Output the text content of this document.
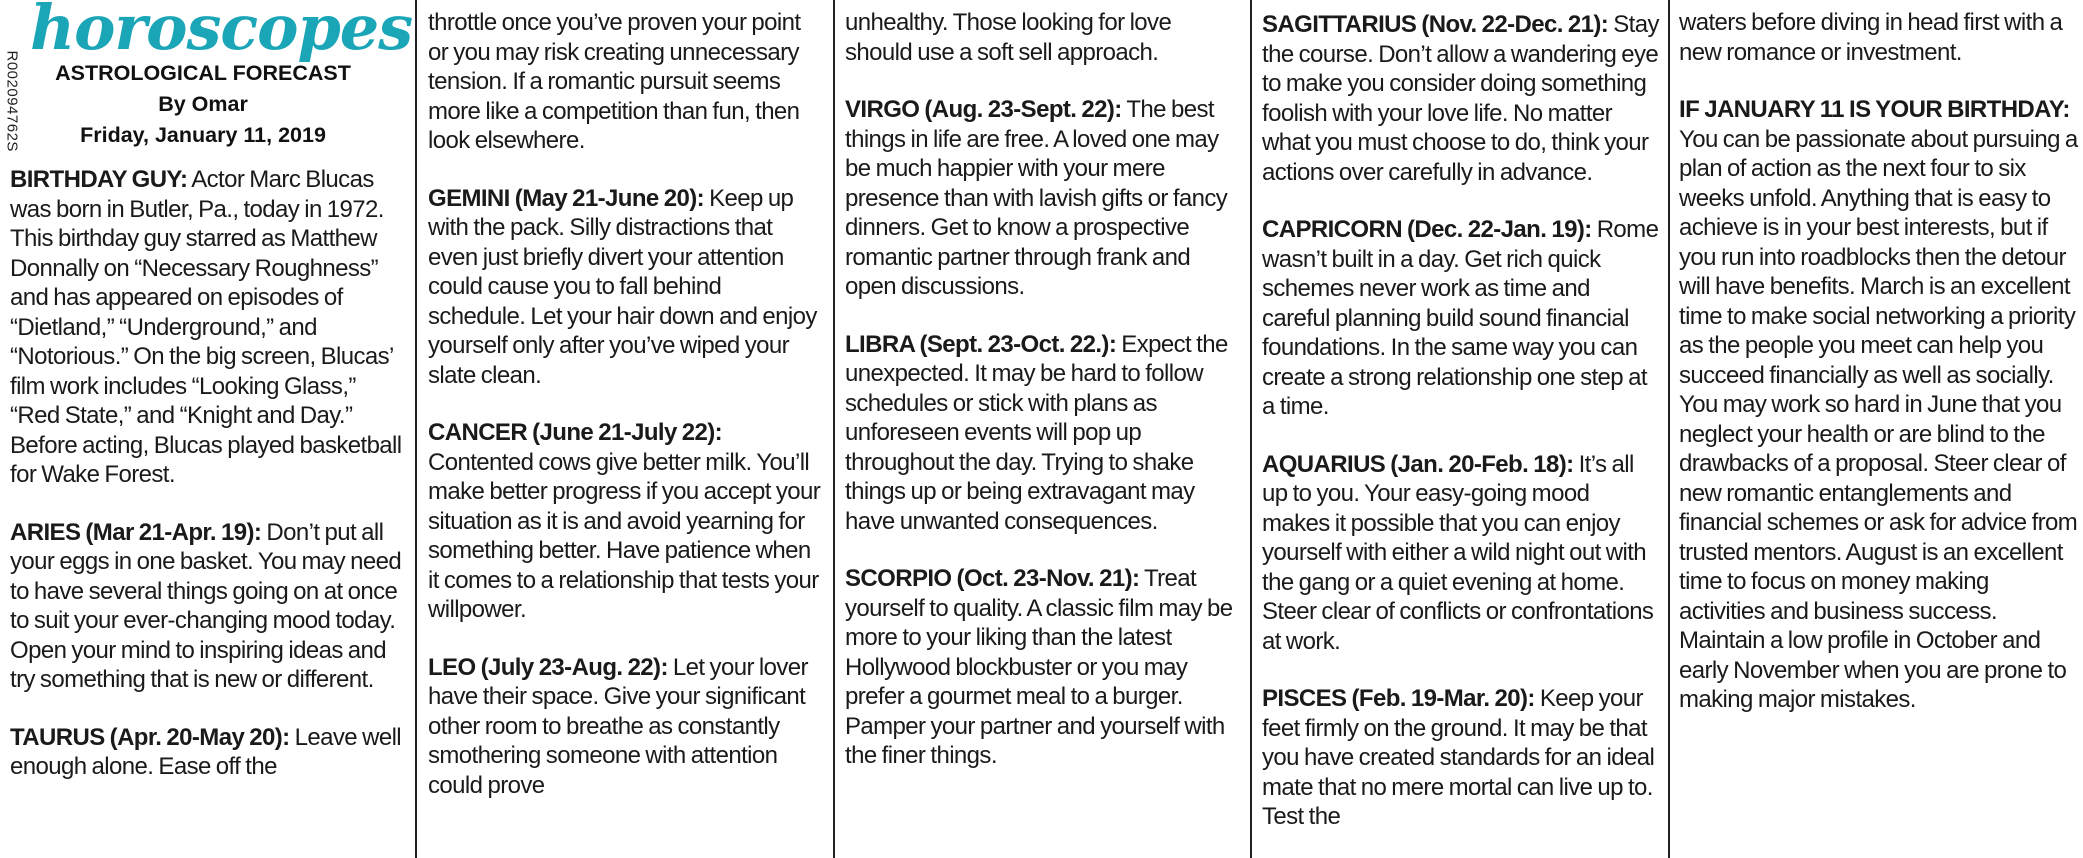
R002094762S
horoscopes
ASTROLOGICAL FORECAST
By Omar
Friday, January 11, 2019

BIRTHDAY GUY: Actor Marc Blucas was born in Butler, Pa., today in 1972. This birthday guy starred as Matthew Donnally on “Necessary Roughness” and has appeared on episodes of “Dietland,” “Underground,” and “Notorious.” On the big screen, Blucas’ film work includes “Looking Glass,” “Red State,” and “Knight and Day.” Before acting, Blucas played basketball for Wake Forest.

ARIES (Mar 21-Apr. 19): Don’t put all your eggs in one basket. You may need to have several things going on at once to suit your ever-changing mood today. Open your mind to inspiring ideas and try something that is new or different.

TAURUS (Apr. 20-May 20): Leave well enough alone. Ease off the

throttle once you’ve proven your point or you may risk creating unnecessary tension. If a romantic pursuit seems more like a competition than fun, then look elsewhere.

GEMINI (May 21-June 20): Keep up with the pack. Silly distractions that even just briefly divert your attention could cause you to fall behind schedule. Let your hair down and enjoy yourself only after you’ve wiped your slate clean.

CANCER (June 21-July 22): Contented cows give better milk. You’ll make better progress if you accept your situation as it is and avoid yearning for something better. Have patience when it comes to a relationship that tests your willpower.

LEO (July 23-Aug. 22): Let your lover have their space. Give your significant other room to breathe as constantly smothering someone with attention could prove

unhealthy. Those looking for love should use a soft sell approach.

VIRGO (Aug. 23-Sept. 22): The best things in life are free. A loved one may be much happier with your mere presence than with lavish gifts or fancy dinners. Get to know a prospective romantic partner through frank and open discussions.

LIBRA (Sept. 23-Oct. 22.): Expect the unexpected. It may be hard to follow schedules or stick with plans as unforeseen events will pop up throughout the day. Trying to shake things up or being extravagant may have unwanted consequences.

SCORPIO (Oct. 23-Nov. 21): Treat yourself to quality. A classic film may be more to your liking than the latest Hollywood blockbuster or you may prefer a gourmet meal to a burger. Pamper your partner and yourself with the finer things.

SAGITTARIUS (Nov. 22-Dec. 21): Stay the course. Don’t allow a wandering eye to make you consider doing something foolish with your love life. No matter what you must choose to do, think your actions over carefully in advance.

CAPRICORN (Dec. 22-Jan. 19): Rome wasn’t built in a day. Get rich quick schemes never work as time and careful planning build sound financial foundations. In the same way you can create a strong relationship one step at a time.

AQUARIUS (Jan. 20-Feb. 18): It’s all up to you. Your easy-going mood makes it possible that you can enjoy yourself with either a wild night out with the gang or a quiet evening at home. Steer clear of conflicts or confrontations at work.

PISCES (Feb. 19-Mar. 20): Keep your feet firmly on the ground. It may be that you have created standards for an ideal mate that no mere mortal can live up to. Test the

waters before diving in head first with a new romance or investment.

IF JANUARY 11 IS YOUR BIRTHDAY: You can be passionate about pursuing a plan of action as the next four to six weeks unfold. Anything that is easy to achieve is in your best interests, but if you run into roadblocks then the detour will have benefits. March is an excellent time to make social networking a priority as the people you meet can help you succeed financially as well as socially. You may work so hard in June that you neglect your health or are blind to the drawbacks of a proposal. Steer clear of new romantic entanglements and financial schemes or ask for advice from trusted mentors. August is an excellent time to focus on money making activities and business success. Maintain a low profile in October and early November when you are prone to making major mistakes.
